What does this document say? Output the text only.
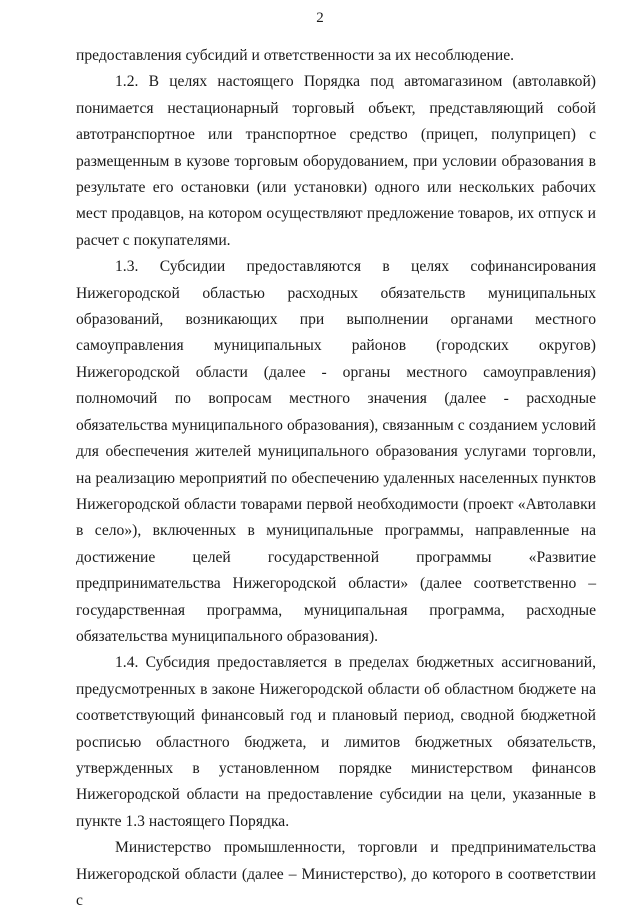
2

предоставления субсидий и ответственности за их несоблюдение.

1.2. В целях настоящего Порядка под автомагазином (автолавкой) понимается нестационарный торговый объект, представляющий собой автотранспортное или транспортное средство (прицеп, полуприцеп) с размещенным в кузове торговым оборудованием, при условии образования в результате его остановки (или установки) одного или нескольких рабочих мест продавцов, на котором осуществляют предложение товаров, их отпуск и расчет с покупателями.

1.3. Субсидии предоставляются в целях софинансирования Нижегородской областью расходных обязательств муниципальных образований, возникающих при выполнении органами местного самоуправления муниципальных районов (городских округов) Нижегородской области (далее - органы местного самоуправления) полномочий по вопросам местного значения (далее - расходные обязательства муниципального образования), связанным с созданием условий для обеспечения жителей муниципального образования услугами торговли, на реализацию мероприятий по обеспечению удаленных населенных пунктов Нижегородской области товарами первой необходимости (проект «Автолавки в село»), включенных в муниципальные программы, направленные на достижение целей государственной программы «Развитие предпринимательства Нижегородской области» (далее соответственно – государственная программа, муниципальная программа, расходные обязательства муниципального образования).

1.4. Субсидия предоставляется в пределах бюджетных ассигнований, предусмотренных в законе Нижегородской области об областном бюджете на соответствующий финансовый год и плановый период, сводной бюджетной росписью областного бюджета, и лимитов бюджетных обязательств, утвержденных в установленном порядке министерством финансов Нижегородской области на предоставление субсидии на цели, указанные в пункте 1.3 настоящего Порядка.

Министерство промышленности, торговли и предпринимательства Нижегородской области (далее – Министерство), до которого в соответствии с
